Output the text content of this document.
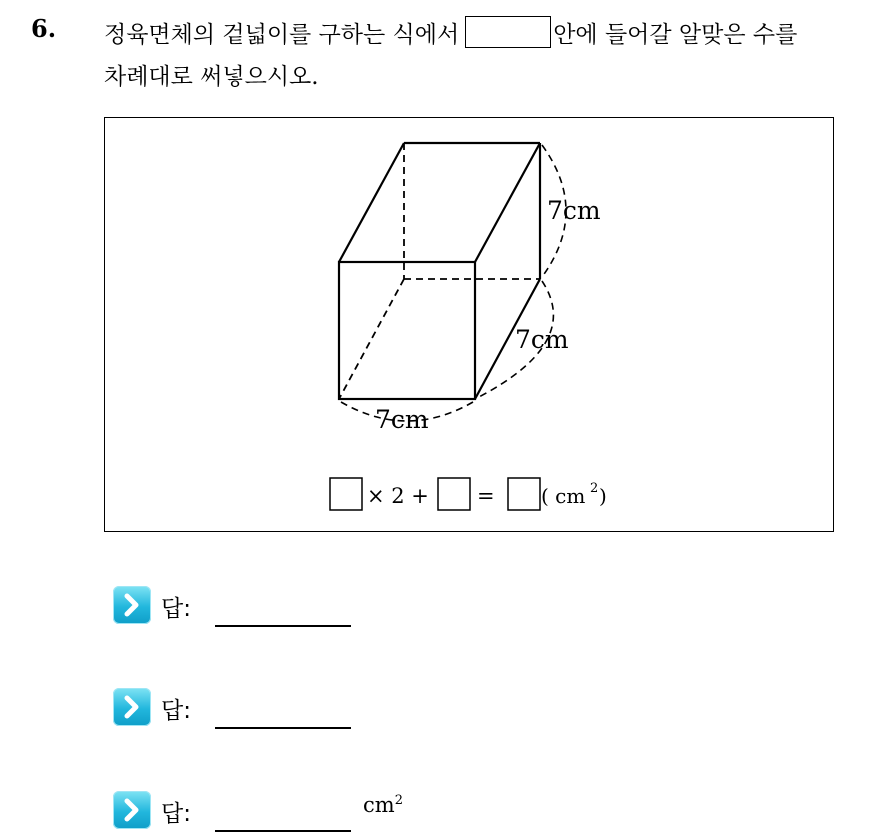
6. 정육면체의 겉넓이를 구하는 식에서	안에 들어갈 알맞은 수를
차례대로 써넣으시오.
7cm
7cm
7cm
× 2 + = ( cm 2 )
답:
답:
답:	$cm^2$
